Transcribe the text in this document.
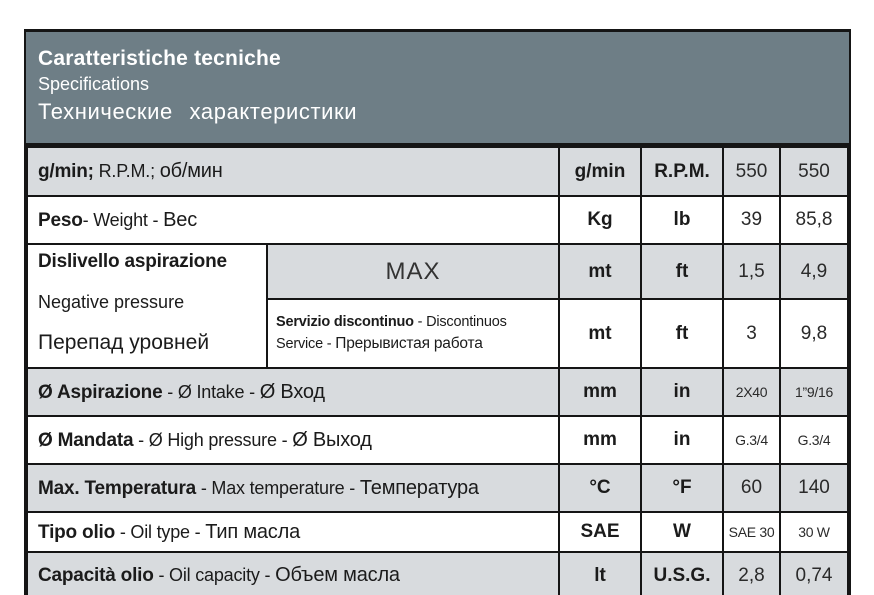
Caratteristiche tecniche
Specifications
Технические характеристики
g/min; R.P.M.; об/мин		g/min	R.P.M.	550	550
Peso- Weight - Вес		Kg	lb	39	85,8

Dislivello aspirazione
Negative pressure
Перепад уровней	MAX	mt	ft	1,5	4,9
	Servizio discontinuo - Discontinuos Service - Прерывистая работа	mt	ft	3	9,8
Ø Aspirazione - Ø Intake - Ø Вход		mm	in	2X40	1”9/16
Ø Mandata - Ø High pressure - Ø Выход		mm	in	G.3/4	G.3/4
Max. Temperatura - Max temperature - Температура		°C	°F	60	140
Tipo olio - Oil type - Тип масла		SAE	W	SAE 30	30 W
Capacità olio - Oil capacity - Объем масла		lt	U.S.G.	2,8	0,74
